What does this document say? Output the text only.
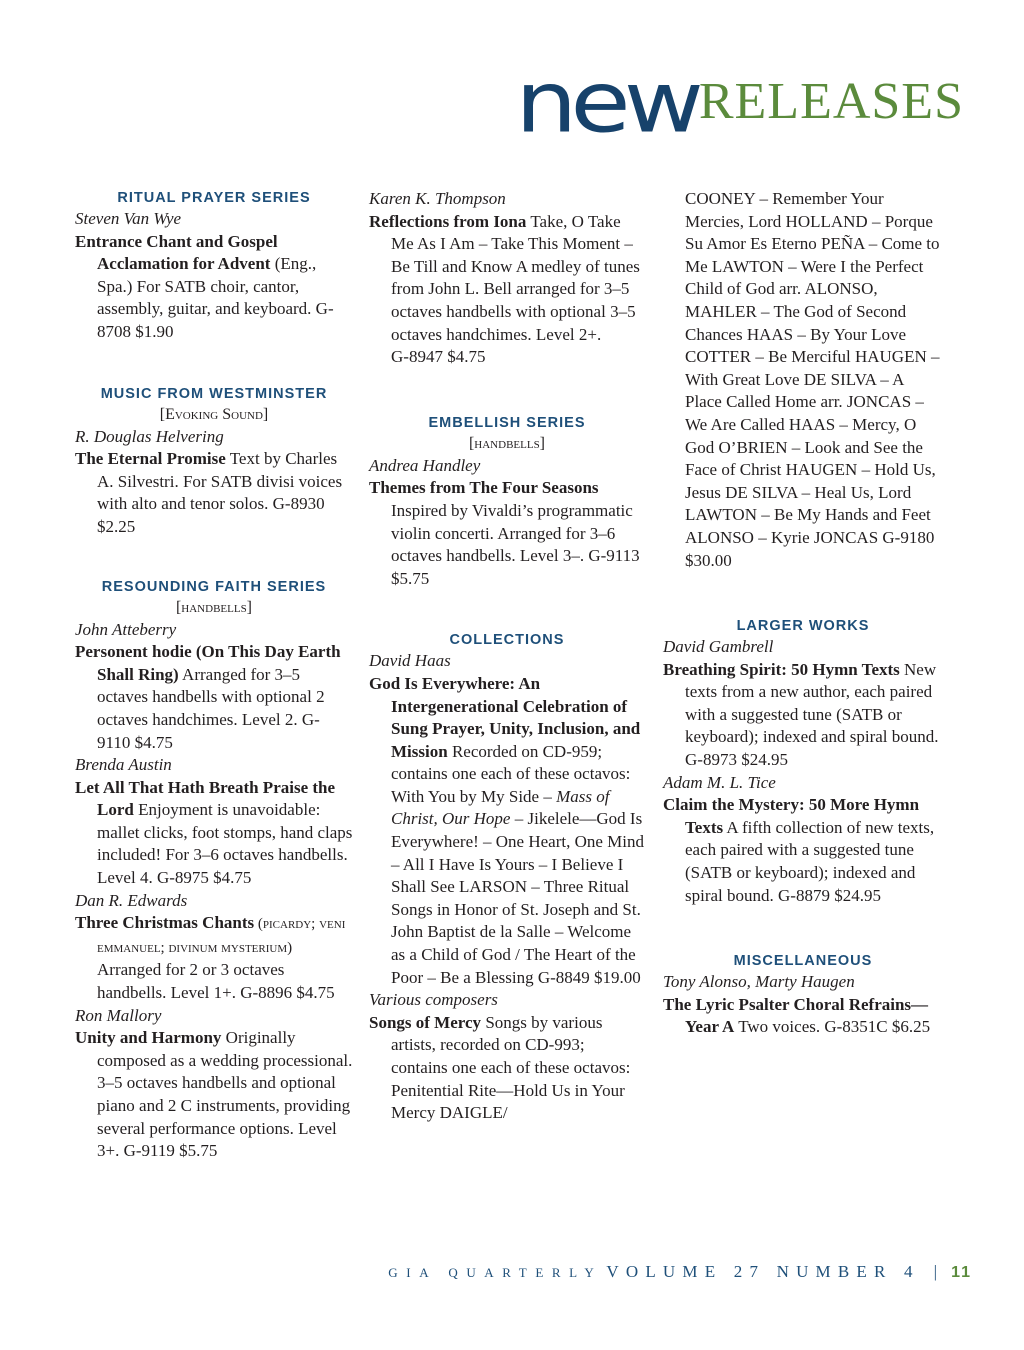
newRELEASES

RITUAL PRAYER SERIES

Steven Van Wye

Entrance Chant and Gospel Acclamation for Advent (Eng., Spa.) For SATB choir, cantor, assembly, guitar, and keyboard. G-8708 $1.90

MUSIC FROM WESTMINSTER

[Evoking Sound]

R. Douglas Helvering

The Eternal Promise Text by Charles A. Silvestri. For SATB divisi voices with alto and tenor solos. G-8930 $2.25

RESOUNDING FAITH SERIES

[handbells]

John Atteberry

Personent hodie (On This Day Earth Shall Ring) Arranged for 3–5 octaves handbells with optional 2 octaves handchimes. Level 2. G-9110 $4.75

Brenda Austin

Let All That Hath Breath Praise the Lord Enjoyment is unavoidable: mallet clicks, foot stomps, hand claps included! For 3–6 octaves handbells. Level 4. G-8975 $4.75

Dan R. Edwards

Three Christmas Chants (picardy; veni emmanuel; divinum mysterium) Arranged for 2 or 3 octaves handbells. Level 1+. G-8896 $4.75

Ron Mallory

Unity and Harmony Originally composed as a wedding processional. 3–5 octaves handbells and optional piano and 2 C instruments, providing several performance options. Level 3+. G-9119 $5.75

Karen K. Thompson

Reflections from Iona Take, O Take Me As I Am – Take This Moment – Be Till and Know A medley of tunes from John L. Bell arranged for 3–5 octaves handbells with optional 3–5 octaves handchimes. Level 2+.

G-8947 $4.75

EMBELLISH SERIES

[handbells]

Andrea Handley

Themes from The Four Seasons Inspired by Vivaldi’s programmatic violin concerti. Arranged for 3–6 octaves handbells. Level 3–. G-9113 $5.75

COLLECTIONS

David Haas

God Is Everywhere: An Intergenerational Celebration of Sung Prayer, Unity, Inclusion, and Mission Recorded on CD-959; contains one each of these octavos: With You by My Side – Mass of Christ, Our Hope – Jikelele—God Is Everywhere! – One Heart, One Mind – All I Have Is Yours – I Believe I Shall See LARSON – Three Ritual Songs in Honor of St. Joseph and St. John Baptist de la Salle – Welcome as a Child of God / The Heart of the Poor – Be a Blessing G-8849 $19.00

Various composers

Songs of Mercy Songs by various artists, recorded on CD-993; contains one each of these octavos: Penitential Rite—Hold Us in Your Mercy DAIGLE/

COONEY – Remember Your Mercies, Lord HOLLAND – Porque Su Amor Es Eterno PEÑA – Come to Me LAWTON – Were I the Perfect Child of God arr. ALONSO, MAHLER – The God of Second Chances HAAS – By Your Love COTTER – Be Merciful HAUGEN – With Great Love DE SILVA – A Place Called Home arr. JONCAS – We Are Called HAAS – Mercy, O God O’BRIEN – Look and See the Face of Christ HAUGEN – Hold Us, Jesus DE SILVA – Heal Us, Lord LAWTON – Be My Hands and Feet ALONSO – Kyrie JONCAS G-9180 $30.00

LARGER WORKS

David Gambrell

Breathing Spirit: 50 Hymn Texts New texts from a new author, each paired with a suggested tune (SATB or keyboard); indexed and spiral bound. G-8973 $24.95

Adam M. L. Tice

Claim the Mystery: 50 More Hymn Texts A fifth collection of new texts, each paired with a suggested tune (SATB or keyboard); indexed and spiral bound. G-8879 $24.95

MISCELLANEOUS

Tony Alonso, Marty Haugen

The Lyric Psalter Choral Refrains—Year A Two voices. G-8351C $6.25

GIA QUARTERLY VOLUME 27 NUMBER 4 | 11
